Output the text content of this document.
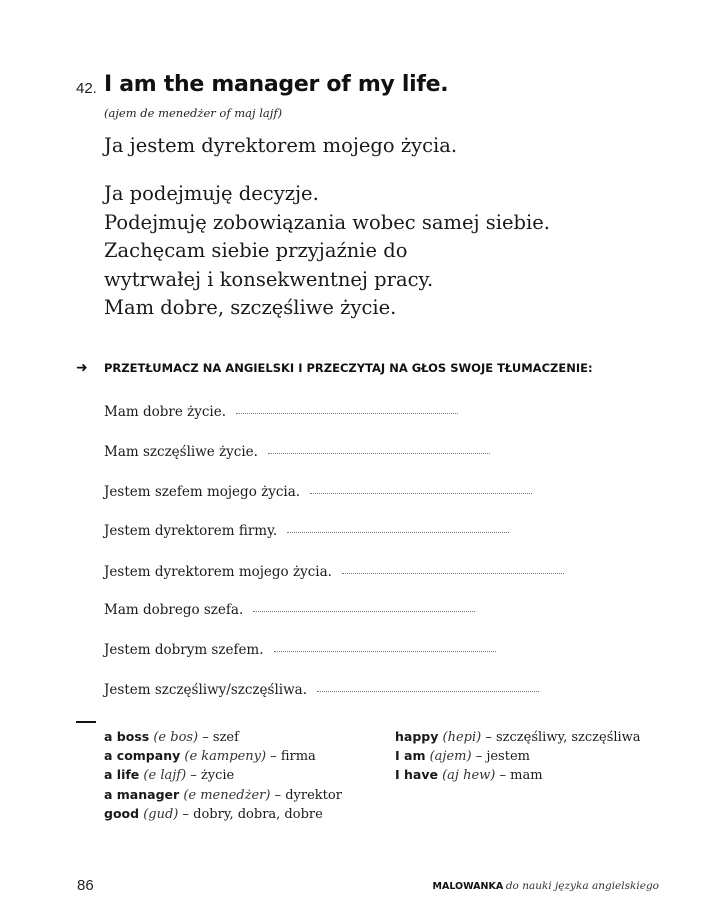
42. I am the manager of my life.
(ajem de menedżer of maj lajf)
Ja jestem dyrektorem mojego życia.
Ja podejmuję decyzje.
Podejmuję zobowiązania wobec samej siebie.
Zachęcam siebie przyjaźnie do
wytrwałej i konsekwentnej pracy.
Mam dobre, szczęśliwe życie.
➜ PRZETŁUMACZ NA ANGIELSKI I PRZECZYTAJ NA GŁOS SWOJE TŁUMACZENIE:
Mam dobre życie.
Mam szczęśliwe życie.
Jestem szefem mojego życia.
Jestem dyrektorem firmy.
Jestem dyrektorem mojego życia.
Mam dobrego szefa.
Jestem dobrym szefem.
Jestem szczęśliwy/szczęśliwa.
a boss (e bos) – szef
a company (e kampeny) – firma
a life (e lajf) – życie
a manager (e menedżer) – dyrektor
good (gud) – dobry, dobra, dobre
happy (hepi) – szczęśliwy, szczęśliwa
I am (ajem) – jestem
I have (aj hew) – mam
86	MALOWANKA do nauki języka angielskiego
